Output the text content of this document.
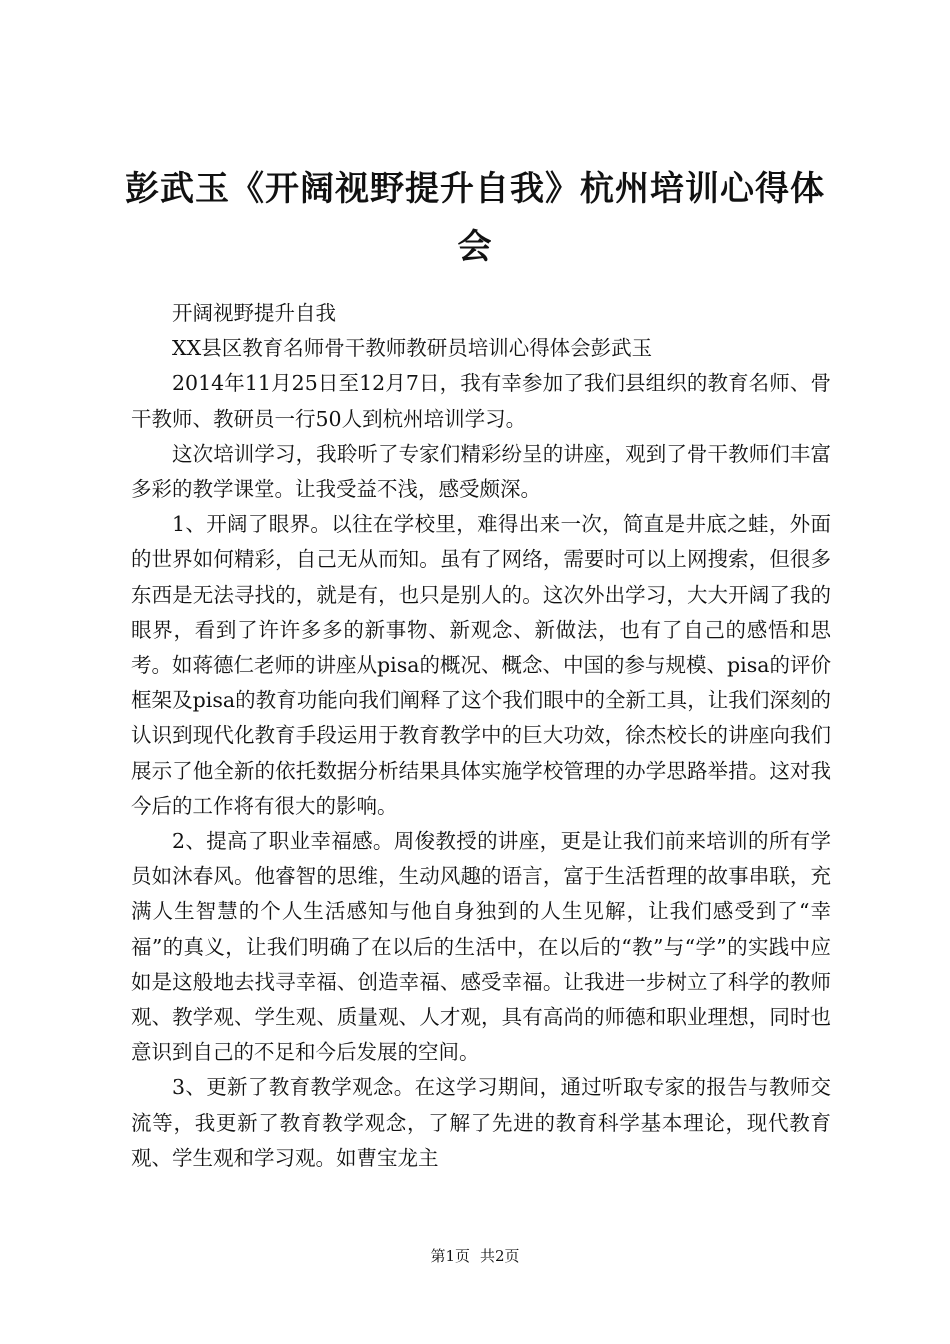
彭武玉《开阔视野提升自我》杭州培训心得体会

开阔视野提升自我

XX县区教育名师骨干教师教研员培训心得体会彭武玉

2014年11月25日至12月7日，我有幸参加了我们县组织的教育名师、骨干教师、教研员一行50人到杭州培训学习。

这次培训学习，我聆听了专家们精彩纷呈的讲座，观到了骨干教师们丰富多彩的教学课堂。让我受益不浅，感受颇深。

1、开阔了眼界。以往在学校里，难得出来一次，简直是井底之蛙，外面的世界如何精彩，自己无从而知。虽有了网络，需要时可以上网搜索，但很多东西是无法寻找的，就是有，也只是别人的。这次外出学习，大大开阔了我的眼界，看到了许许多多的新事物、新观念、新做法，也有了自己的感悟和思考。如蒋德仁老师的讲座从pisa的概况、概念、中国的参与规模、pisa的评价框架及pisa的教育功能向我们阐释了这个我们眼中的全新工具，让我们深刻的认识到现代化教育手段运用于教育教学中的巨大功效，徐杰校长的讲座向我们展示了他全新的依托数据分析结果具体实施学校管理的办学思路举措。这对我今后的工作将有很大的影响。

2、提高了职业幸福感。周俊教授的讲座，更是让我们前来培训的所有学员如沐春风。他睿智的思维，生动风趣的语言，富于生活哲理的故事串联，充满人生智慧的个人生活感知与他自身独到的人生见解，让我们感受到了“幸福”的真义，让我们明确了在以后的生活中，在以后的“教”与“学”的实践中应如是这般地去找寻幸福、创造幸福、感受幸福。让我进一步树立了科学的教师观、教学观、学生观、质量观、人才观，具有高尚的师德和职业理想，同时也意识到自己的不足和今后发展的空间。

3、更新了教育教学观念。在这学习期间，通过听取专家的报告与教师交流等，我更新了教育教学观念，了解了先进的教育科学基本理论，现代教育观、学生观和学习观。如曹宝龙主

第1页 共2页
